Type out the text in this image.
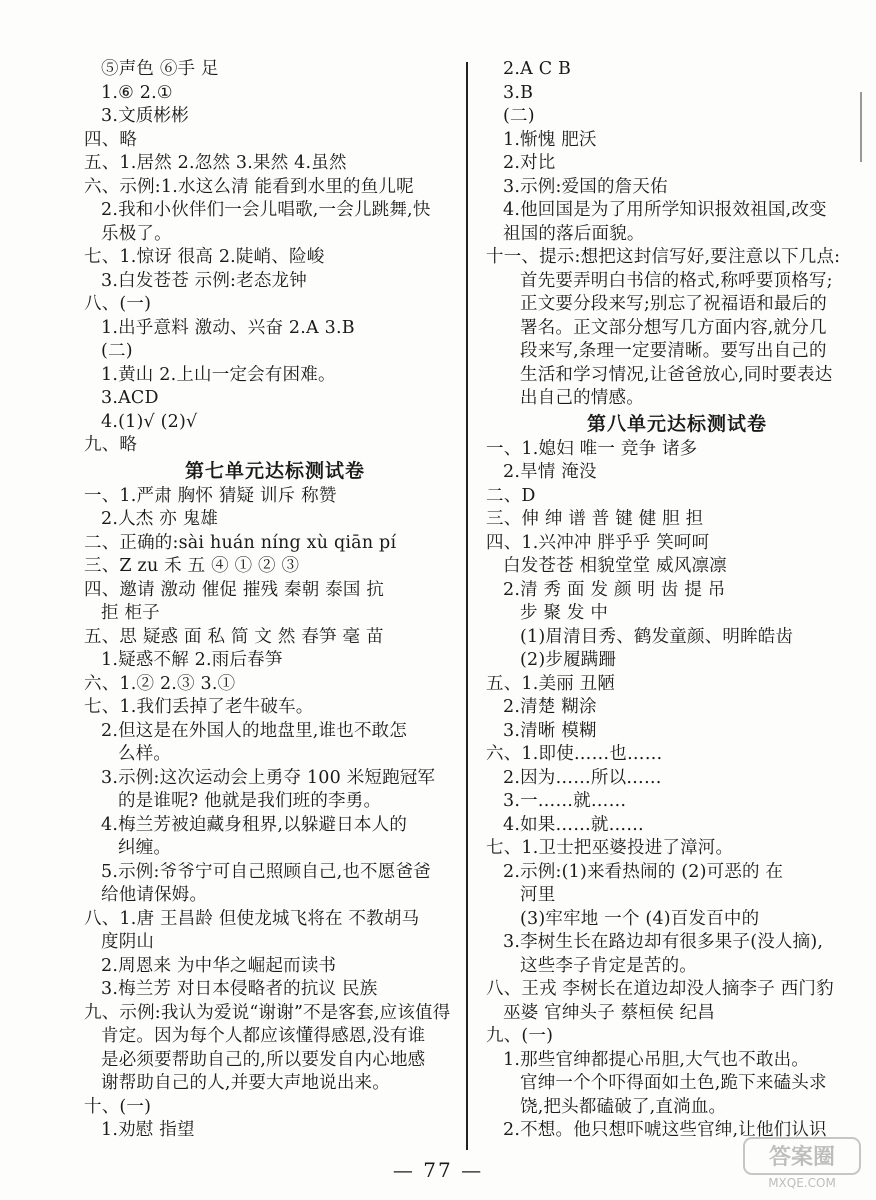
⑤声色 ⑥手 足
1.⑥ 2.①
3.文质彬彬
四、略
五、1.居然 2.忽然 3.果然 4.虽然
六、示例:1.水这么清 能看到水里的鱼儿呢
2.我和小伙伴们一会儿唱歌,一会儿跳舞,快
乐极了。
七、1.惊讶 很高 2.陡峭、险峻
3.白发苍苍 示例:老态龙钟
八、(一)
1.出乎意料 激动、兴奋 2.A 3.B
(二)
1.黄山 2.上山一定会有困难。
3.ACD
4.(1)√ (2)√
九、略
第七单元达标测试卷
一、1.严肃 胸怀 猜疑 训斥 称赞
2.人杰 亦 鬼雄
二、正确的:sài huán níng xù qiān pí
三、Z zu 禾 五 ④ ① ② ③
四、邀请 激动 催促 摧残 秦朝 泰国 抗
拒 柜子
五、思 疑惑 面 私 简 文 然 春笋 毫 苗
1.疑惑不解 2.雨后春笋
六、1.② 2.③ 3.①
七、1.我们丢掉了老牛破车。
2.但这是在外国人的地盘里,谁也不敢怎
么样。
3.示例:这次运动会上勇夺 100 米短跑冠军
的是谁呢? 他就是我们班的李勇。
4.梅兰芳被迫藏身租界,以躲避日本人的
纠缠。
5.示例:爷爷宁可自己照顾自己,也不愿爸爸
给他请保姆。
八、1.唐 王昌龄 但使龙城飞将在 不教胡马
度阴山
2.周恩来 为中华之崛起而读书
3.梅兰芳 对日本侵略者的抗议 民族
九、示例:我认为爱说“谢谢”不是客套,应该值得
肯定。因为每个人都应该懂得感恩,没有谁
是必须要帮助自己的,所以要发自内心地感
谢帮助自己的人,并要大声地说出来。
十、(一)
1.劝慰 指望
2.A C B
3.B
(二)
1.惭愧 肥沃
2.对比
3.示例:爱国的詹天佑
4.他回国是为了用所学知识报效祖国,改变
祖国的落后面貌。
十一、提示:想把这封信写好,要注意以下几点:
首先要弄明白书信的格式,称呼要顶格写;
正文要分段来写;别忘了祝福语和最后的
署名。正文部分想写几方面内容,就分几
段来写,条理一定要清晰。要写出自己的
生活和学习情况,让爸爸放心,同时要表达
出自己的情感。
第八单元达标测试卷
一、1.媳妇 唯一 竞争 诸多
2.旱情 淹没
二、D
三、伸 绅 谱 普 键 健 胆 担
四、1.兴冲冲 胖乎乎 笑呵呵
白发苍苍 相貌堂堂 威风凛凛
2.清 秀 面 发 颜 明 齿 提 吊
步 聚 发 中
(1)眉清目秀、鹤发童颜、明眸皓齿
(2)步履蹒跚
五、1.美丽 丑陋
2.清楚 糊涂
3.清晰 模糊
六、1.即使……也……
2.因为……所以……
3.一……就……
4.如果……就……
七、1.卫士把巫婆投进了漳河。
2.示例:(1)来看热闹的 (2)可恶的 在
河里
(3)牢牢地 一个 (4)百发百中的
3.李树生长在路边却有很多果子(没人摘),
这些李子肯定是苦的。
八、王戎 李树长在道边却没人摘李子 西门豹
巫婆 官绅头子 蔡桓侯 纪昌
九、(一)
1.那些官绅都提心吊胆,大气也不敢出。
官绅一个个吓得面如土色,跪下来磕头求
饶,把头都磕破了,直淌血。
2.不想。他只想吓唬这些官绅,让他们认识
— 77 —	答案圈
MXQE.COM
